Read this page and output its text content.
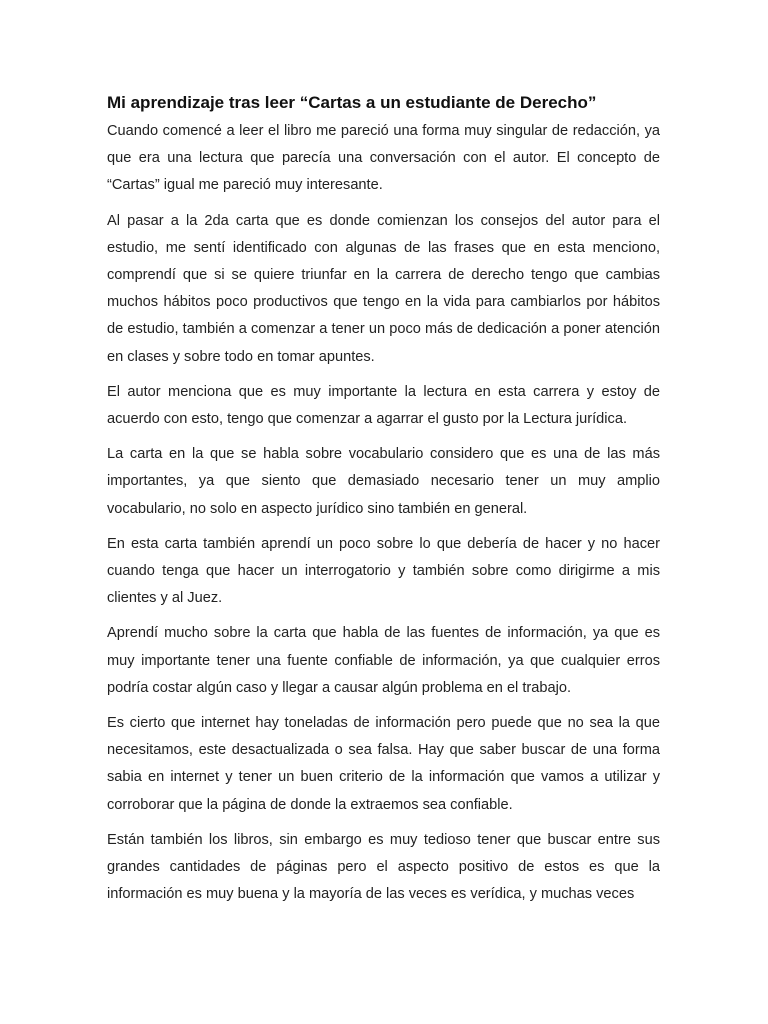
Mi aprendizaje tras leer “Cartas a un estudiante de Derecho”

Cuando comencé a leer el libro me pareció una forma muy singular de redacción, ya que era una lectura que parecía una conversación con el autor. El concepto de “Cartas” igual me pareció muy interesante.

Al pasar a la 2da carta que es donde comienzan los consejos del autor para el estudio, me sentí identificado con algunas de las frases que en esta menciono, comprendí que si se quiere triunfar en la carrera de derecho tengo que cambias muchos hábitos poco productivos que tengo en la vida para cambiarlos por hábitos de estudio, también a comenzar a tener un poco más de dedicación a poner atención en clases y sobre todo en tomar apuntes.

El autor menciona que es muy importante la lectura en esta carrera y estoy de acuerdo con esto, tengo que comenzar a agarrar el gusto por la Lectura jurídica.

La carta en la que se habla sobre vocabulario considero que es una de las más importantes, ya que siento que demasiado necesario tener un muy amplio vocabulario, no solo en aspecto jurídico sino también en general.

En esta carta también aprendí un poco sobre lo que debería de hacer y no hacer cuando tenga que hacer un interrogatorio y también sobre como dirigirme a mis clientes y al Juez.

Aprendí mucho sobre la carta que habla de las fuentes de información, ya que es muy importante tener una fuente confiable de información, ya que cualquier erros podría costar algún caso y llegar a causar algún problema en el trabajo.

Es cierto que internet hay toneladas de información pero puede que no sea la que necesitamos, este desactualizada o sea falsa. Hay que saber buscar de una forma sabia en internet y tener un buen criterio de la información que vamos a utilizar y corroborar que la página de donde la extraemos sea confiable.

Están también los libros, sin embargo es muy tedioso tener que buscar entre sus grandes cantidades de páginas pero el aspecto positivo de estos es que la información es muy buena y la mayoría de las veces es verídica, y muchas veces
